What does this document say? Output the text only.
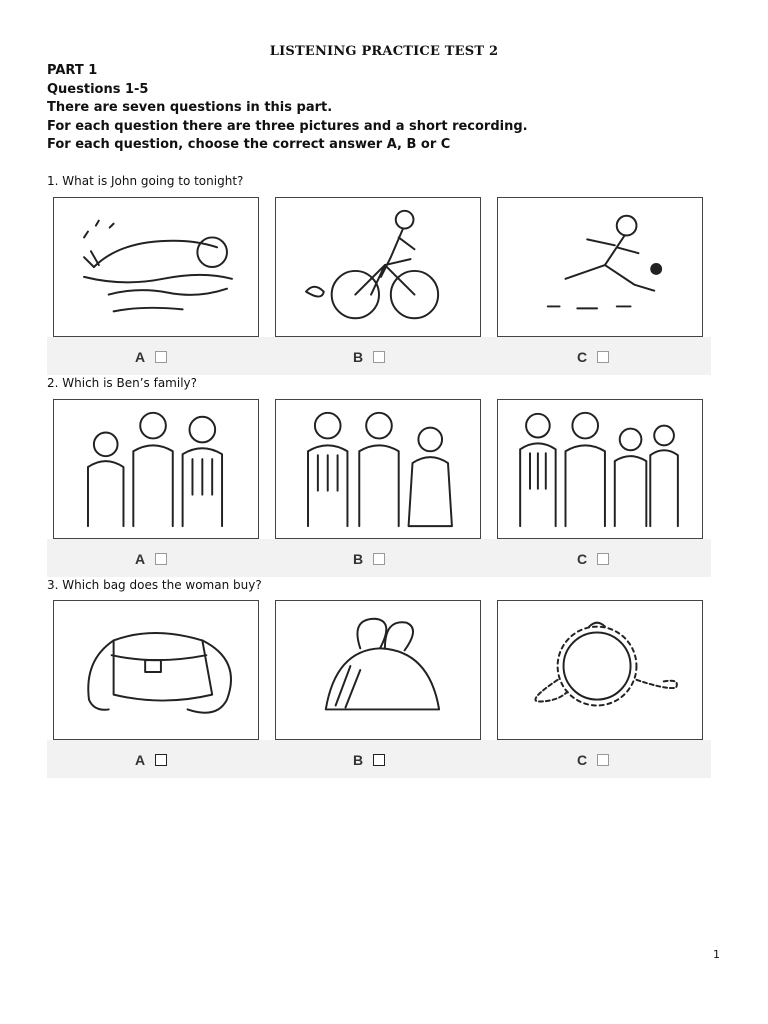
LISTENING PRACTICE TEST 2
PART 1
Questions 1-5
There are seven questions in this part.
For each question there are three pictures and a short recording.
For each question, choose the correct answer A, B or C
1. What is John going to tonight?
A	B	C
2. Which is Ben’s family?
A	B	C
3. Which bag does the woman buy?
A	B	C
1
